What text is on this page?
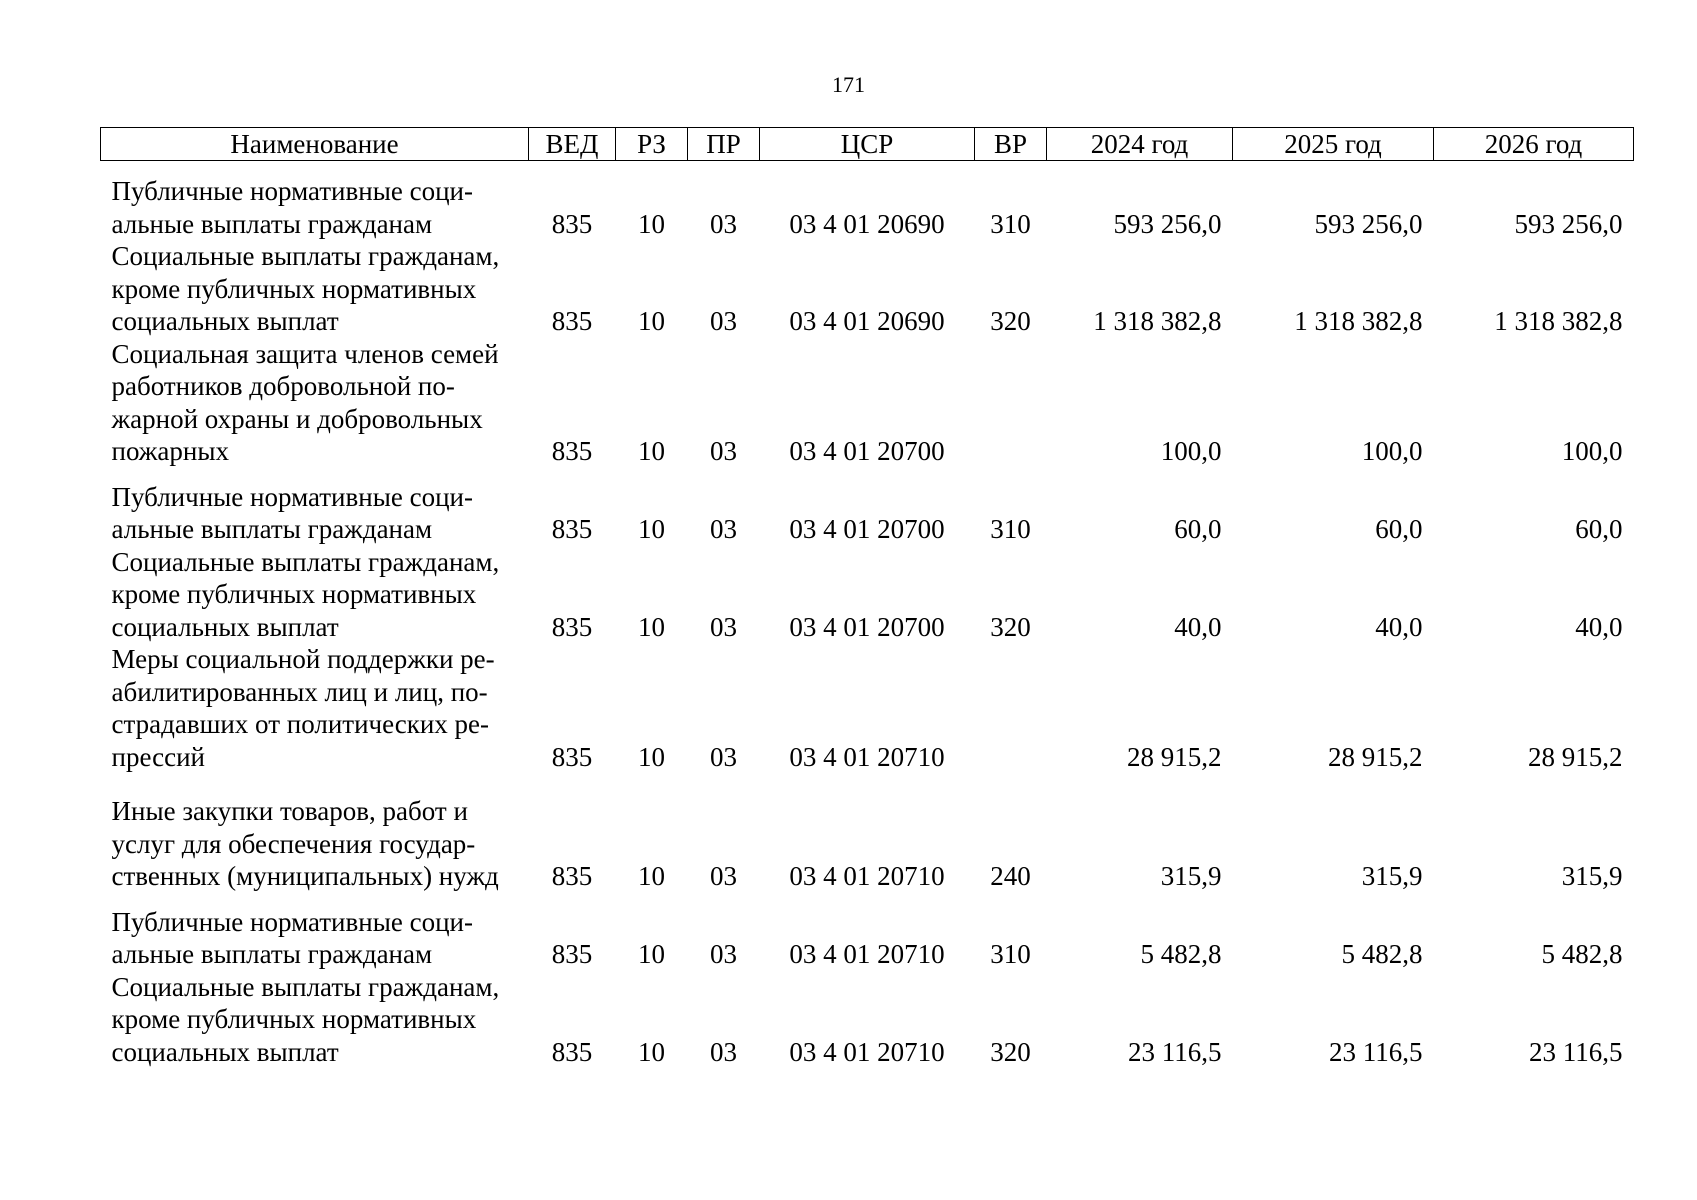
171
Наименование	ВЕД	РЗ	ПР	ЦСР	ВР	2024 год	2025 год	2026 год

Публичные нормативные соци-
альные выплаты гражданам	835	10	03	03 4 01 20690	310	593 256,0	593 256,0	593 256,0

Социальные выплаты гражданам,
кроме публичных нормативных
социальных выплат	835	10	03	03 4 01 20690	320	1 318 382,8	1 318 382,8	1 318 382,8

Социальная защита членов семей
работников добровольной по-
жарной охраны и добровольных
пожарных	835	10	03	03 4 01 20700		100,0	100,0	100,0

Публичные нормативные соци-
альные выплаты гражданам	835	10	03	03 4 01 20700	310	60,0	60,0	60,0

Социальные выплаты гражданам,
кроме публичных нормативных
социальных выплат	835	10	03	03 4 01 20700	320	40,0	40,0	40,0

Меры социальной поддержки ре-
абилитированных лиц и лиц, по-
страдавших от политических ре-
прессий	835	10	03	03 4 01 20710		28 915,2	28 915,2	28 915,2

Иные закупки товаров, работ и
услуг для обеспечения государ-
ственных (муниципальных) нужд	835	10	03	03 4 01 20710	240	315,9	315,9	315,9

Публичные нормативные соци-
альные выплаты гражданам	835	10	03	03 4 01 20710	310	5 482,8	5 482,8	5 482,8

Социальные выплаты гражданам,
кроме публичных нормативных
социальных выплат	835	10	03	03 4 01 20710	320	23 116,5	23 116,5	23 116,5
